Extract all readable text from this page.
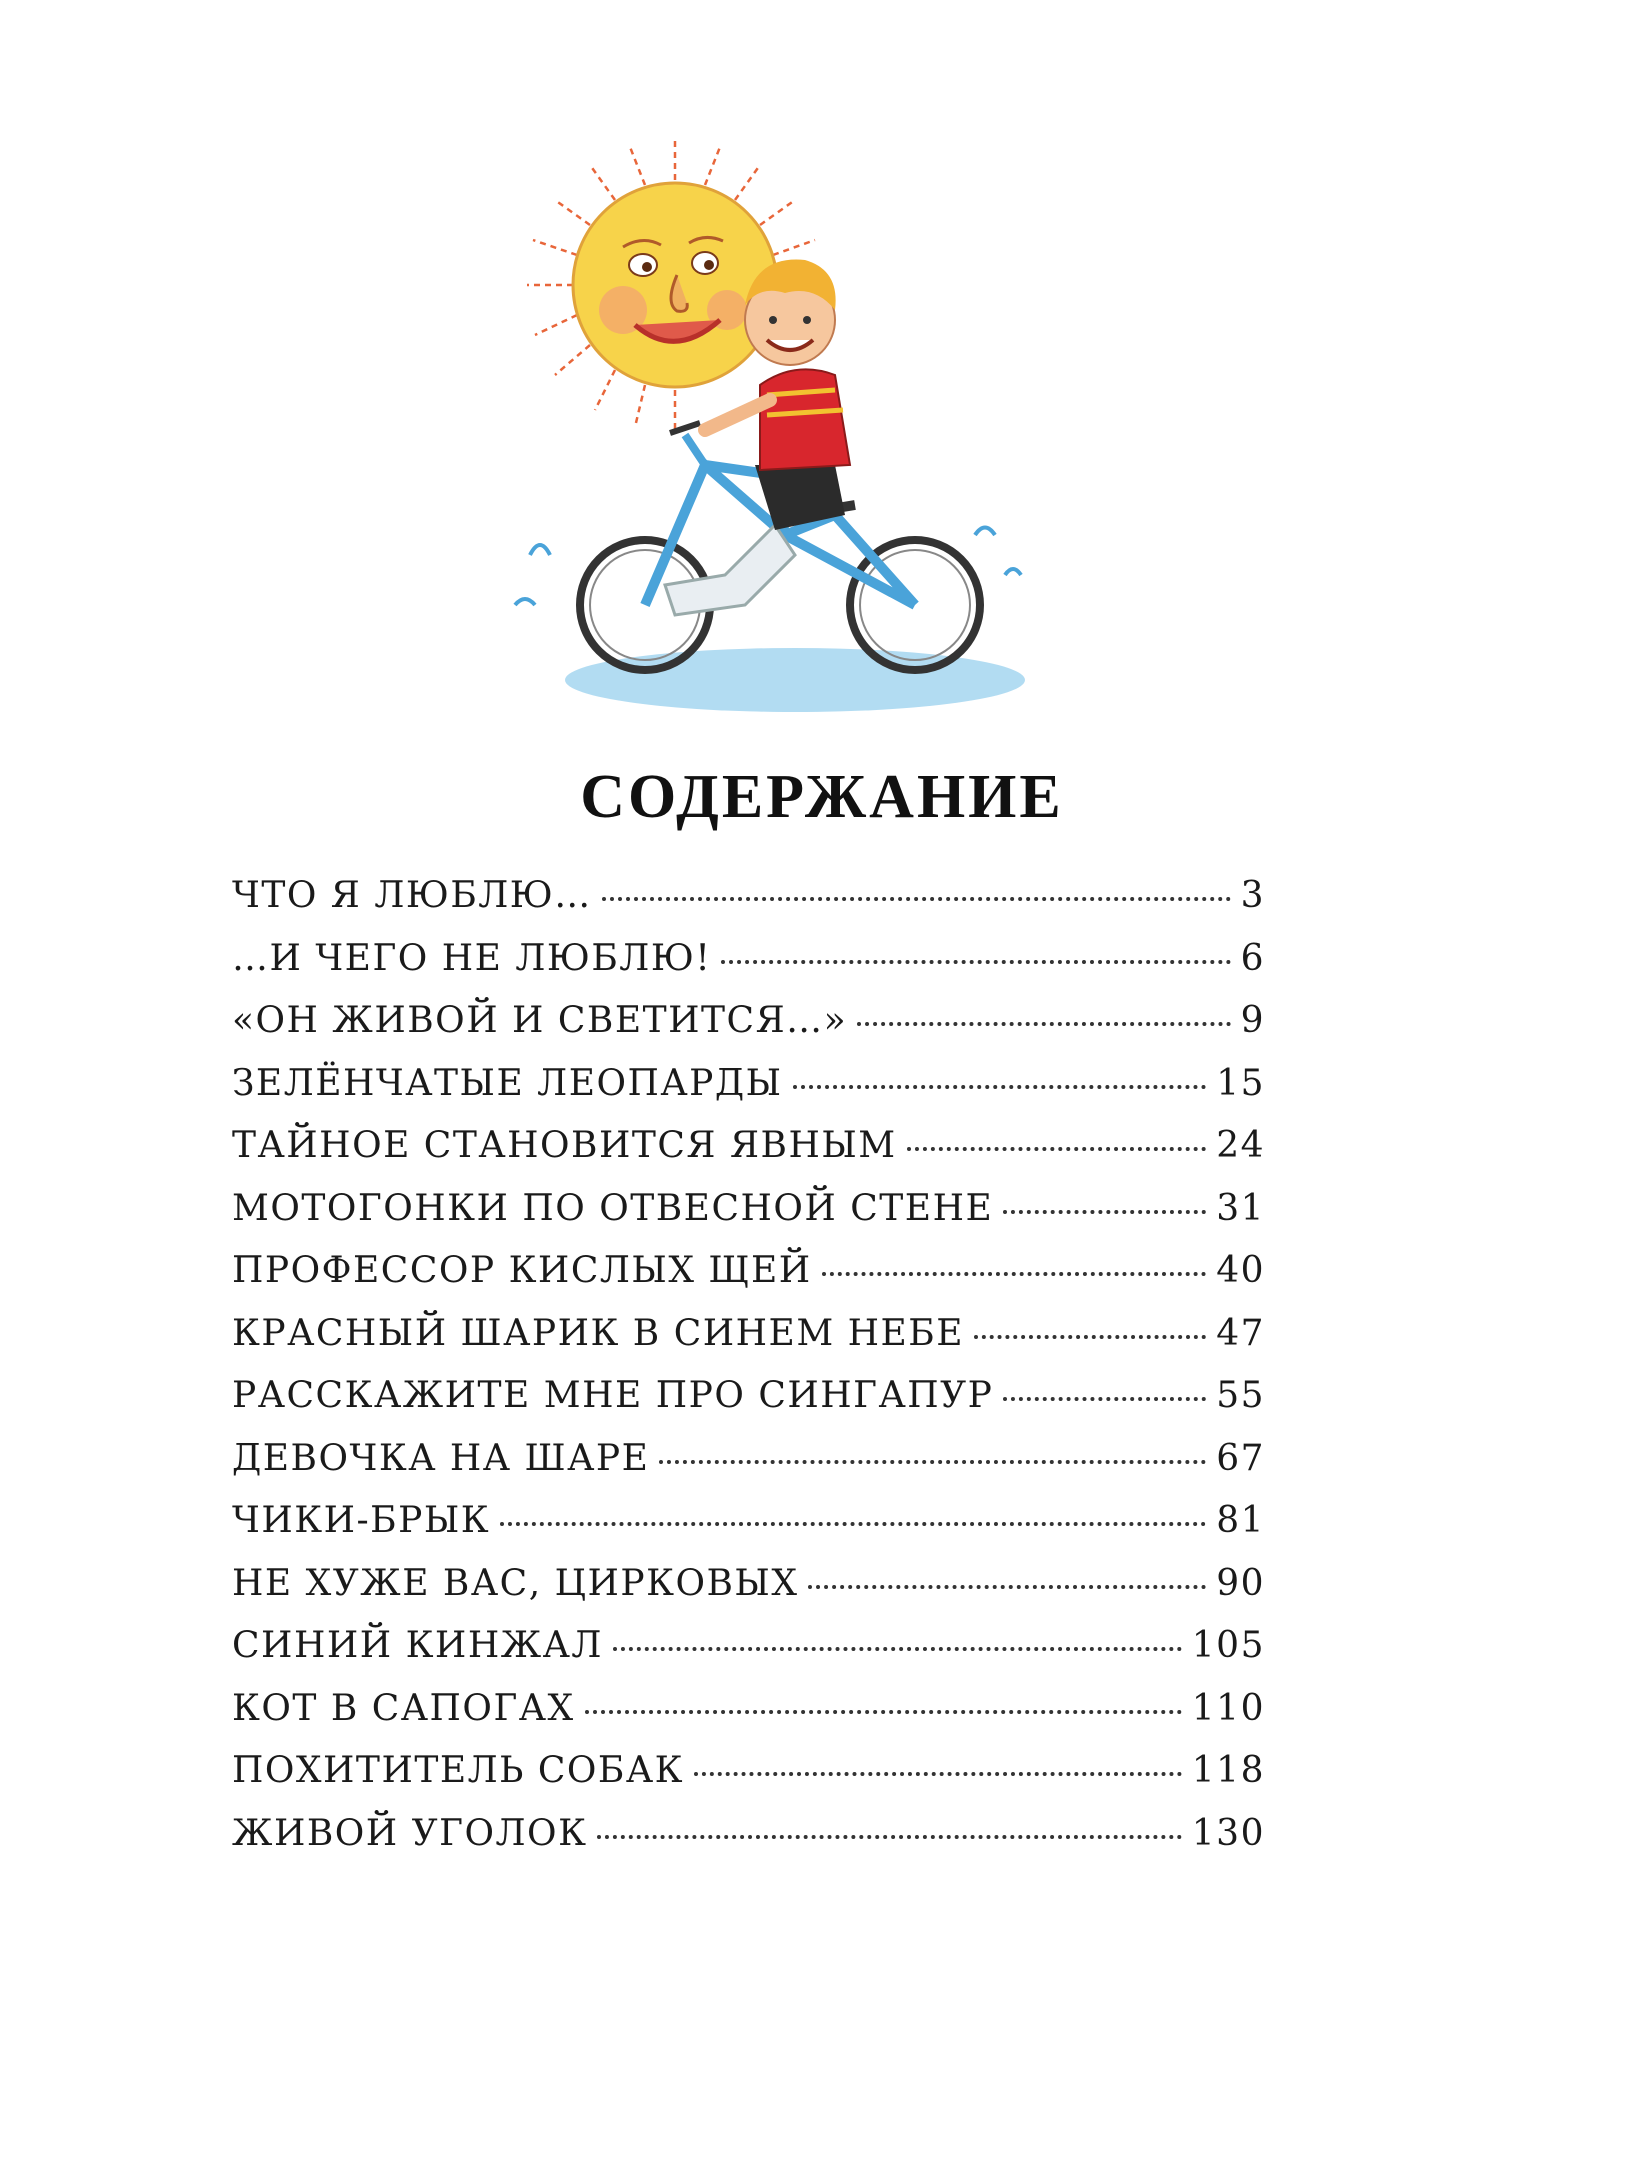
СОДЕРЖАНИЕ
ЧТО Я ЛЮБЛЮ…	3
…И ЧЕГО НЕ ЛЮБЛЮ!	6
«ОН ЖИВОЙ И СВЕТИТСЯ…»	9
ЗЕЛЁНЧАТЫЕ ЛЕОПАРДЫ	15
ТАЙНОЕ СТАНОВИТСЯ ЯВНЫМ	24
МОТОГОНКИ ПО ОТВЕСНОЙ СТЕНЕ	31
ПРОФЕССОР КИСЛЫХ ЩЕЙ	40
КРАСНЫЙ ШАРИК В СИНЕМ НЕБЕ	47
РАССКАЖИТЕ МНЕ ПРО СИНГАПУР	55
ДЕВОЧКА НА ШАРЕ	67
ЧИКИ-БРЫК	81
НЕ ХУЖЕ ВАС, ЦИРКОВЫХ	90
СИНИЙ КИНЖАЛ	105
КОТ В САПОГАХ	110
ПОХИТИТЕЛЬ СОБАК	118
ЖИВОЙ УГОЛОК	130
